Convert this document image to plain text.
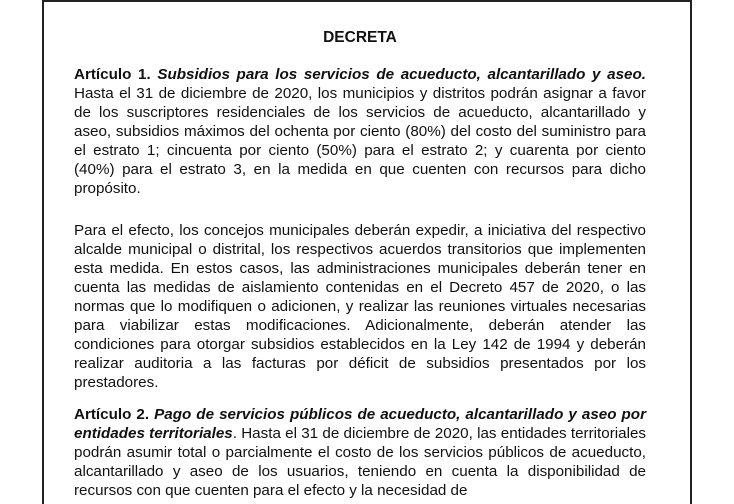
DECRETA

Artículo 1. Subsidios para los servicios de acueducto, alcantarillado y aseo. Hasta el 31 de diciembre de 2020, los municipios y distritos podrán asignar a favor de los suscriptores residenciales de los servicios de acueducto, alcantarillado y aseo, subsidios máximos del ochenta por ciento (80%) del costo del suministro para el estrato 1; cincuenta por ciento (50%) para el estrato 2; y cuarenta por ciento (40%) para el estrato 3, en la medida en que cuenten con recursos para dicho propósito.

Para el efecto, los concejos municipales deberán expedir, a iniciativa del respectivo alcalde municipal o distrital, los respectivos acuerdos transitorios que implementen esta medida. En estos casos, las administraciones municipales deberán tener en cuenta las medidas de aislamiento contenidas en el Decreto 457 de 2020, o las normas que lo modifiquen o adicionen, y realizar las reuniones virtuales necesarias para viabilizar estas modificaciones. Adicionalmente, deberán atender las condiciones para otorgar subsidios establecidos en la Ley 142 de 1994 y deberán realizar auditoria a las facturas por déficit de subsidios presentados por los prestadores.

Artículo 2. Pago de servicios públicos de acueducto, alcantarillado y aseo por entidades territoriales. Hasta el 31 de diciembre de 2020, las entidades territoriales podrán asumir total o parcialmente el costo de los servicios públicos de acueducto, alcantarillado y aseo de los usuarios, teniendo en cuenta la disponibilidad de recursos con que cuenten para el efecto y la necesidad de
